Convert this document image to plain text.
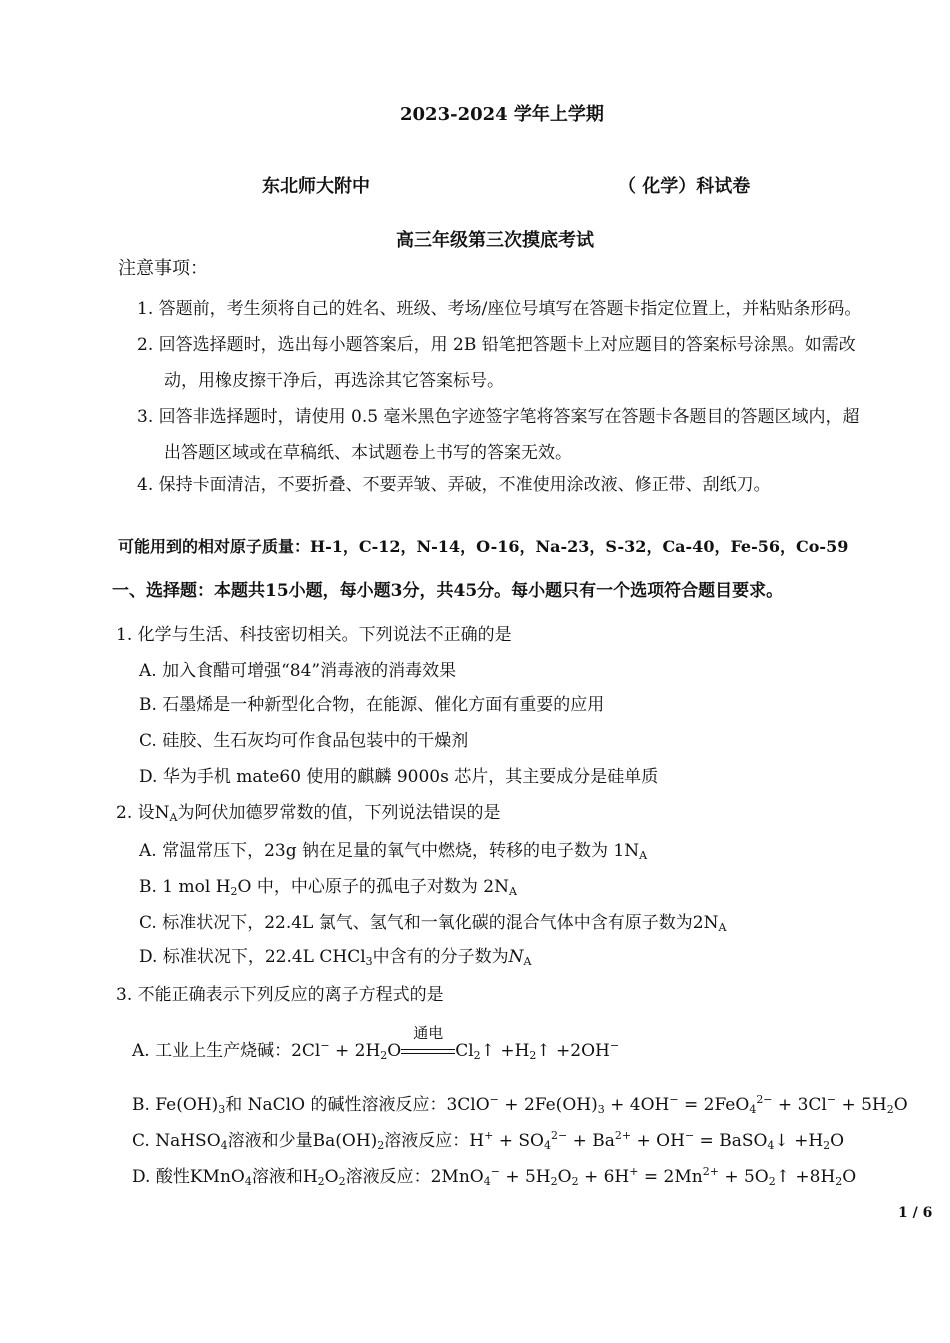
2023-2024 学年上学期
东北师大附中	（ 化学）科试卷
高三年级第三次摸底考试
注意事项：
1. 答题前，考生须将自己的姓名、班级、考场/座位号填写在答题卡指定位置上，并粘贴条形码。
2. 回答选择题时，选出每小题答案后，用 2B 铅笔把答题卡上对应题目的答案标号涂黑。如需改
动，用橡皮擦干净后，再选涂其它答案标号。
3. 回答非选择题时，请使用 0.5 毫米黑色字迹签字笔将答案写在答题卡各题目的答题区域内，超
出答题区域或在草稿纸、本试题卷上书写的答案无效。
4. 保持卡面清洁，不要折叠、不要弄皱、弄破，不准使用涂改液、修正带、刮纸刀。
可能用到的相对原子质量：H-1，C-12，N-14，O-16，Na-23，S-32，Ca-40，Fe-56，Co-59
一、选择题：本题共15小题，每小题3分，共45分。每小题只有一个选项符合题目要求。
1. 化学与生活、科技密切相关。下列说法不正确的是
A. 加入食醋可增强“84”消毒液的消毒效果
B. 石墨烯是一种新型化合物，在能源、催化方面有重要的应用
C. 硅胶、生石灰均可作食品包装中的干燥剂
D. 华为手机 mate60 使用的麒麟 9000s 芯片，其主要成分是硅单质
2. 设$N_A$为阿伏加德罗常数的值，下列说法错误的是
A. 常温常压下，23g 钠在足量的氧气中燃烧，转移的电子数为 $1N_A$
B. 1 mol $H_2O$ 中，中心原子的孤电子对数为 $2N_A$
C. 标准状况下，22.4L 氯气、氢气和一氧化碳的混合气体中含有原子数为$2N_A$
D. 标准状况下，22.4L CHCl$_3$中含有的分子数为$N_A$
3. 不能正确表示下列反应的离子方程式的是
A. 工业上生产烧碱：$2Cl^- + 2H_2O$
通电
$Cl_2↑$ $+H_2↑ +2OH^-$
B. $Fe(OH)_3$和 NaClO 的碱性溶液反应：$3ClO^- + 2Fe(OH)_3 + 4OH^- = 2FeO_4^{2-} + 3Cl^- + 5H_2O$
C. NaHSO$_4$溶液和少量$Ba(OH)_2$溶液反应：$H^+ + SO_4^{2-} + Ba^{2+} + OH^-$ = BaSO$_4$↓ $+H_2O$
D. 酸性KMnO$_4$溶液和$H_2O_2$溶液反应：$2MnO_4^- + 5H_2O_2 + 6H^+ = 2Mn^{2+}$ + $5O_2↑ +8H_2O$
1 / 6
